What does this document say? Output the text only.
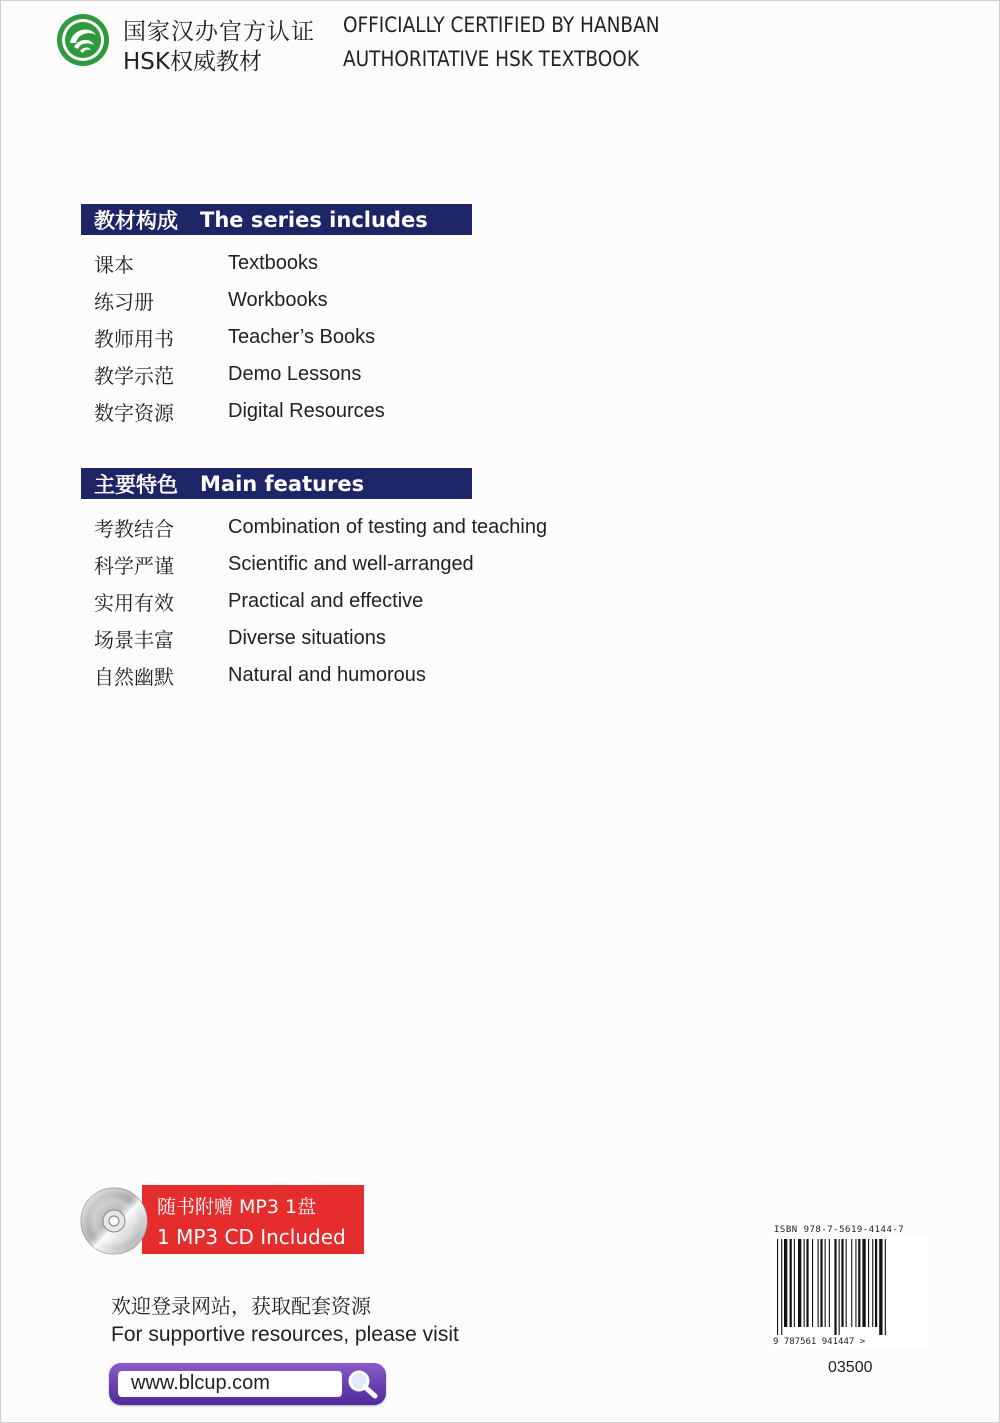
国家汉办官方认证
HSK权威教材
OFFICIALLY CERTIFIED BY HANBAN
AUTHORITATIVE HSK TEXTBOOK
教材构成 The series includes
课本	Textbooks
练习册	Workbooks
教师用书	Teacher’s Books
教学示范	Demo Lessons
数字资源	Digital Resources
主要特色 Main features
考教结合	Combination of testing and teaching
科学严谨	Scientific and well-arranged
实用有效	Practical and effective
场景丰富	Diverse situations
自然幽默	Natural and humorous
随书附赠 MP3 1盘
1 MP3 CD Included
欢迎登录网站，获取配套资源
For supportive resources, please visit
www.blcup.com
ISBN 978-7-5619-4144-7
9 787561 941447 >
03500
